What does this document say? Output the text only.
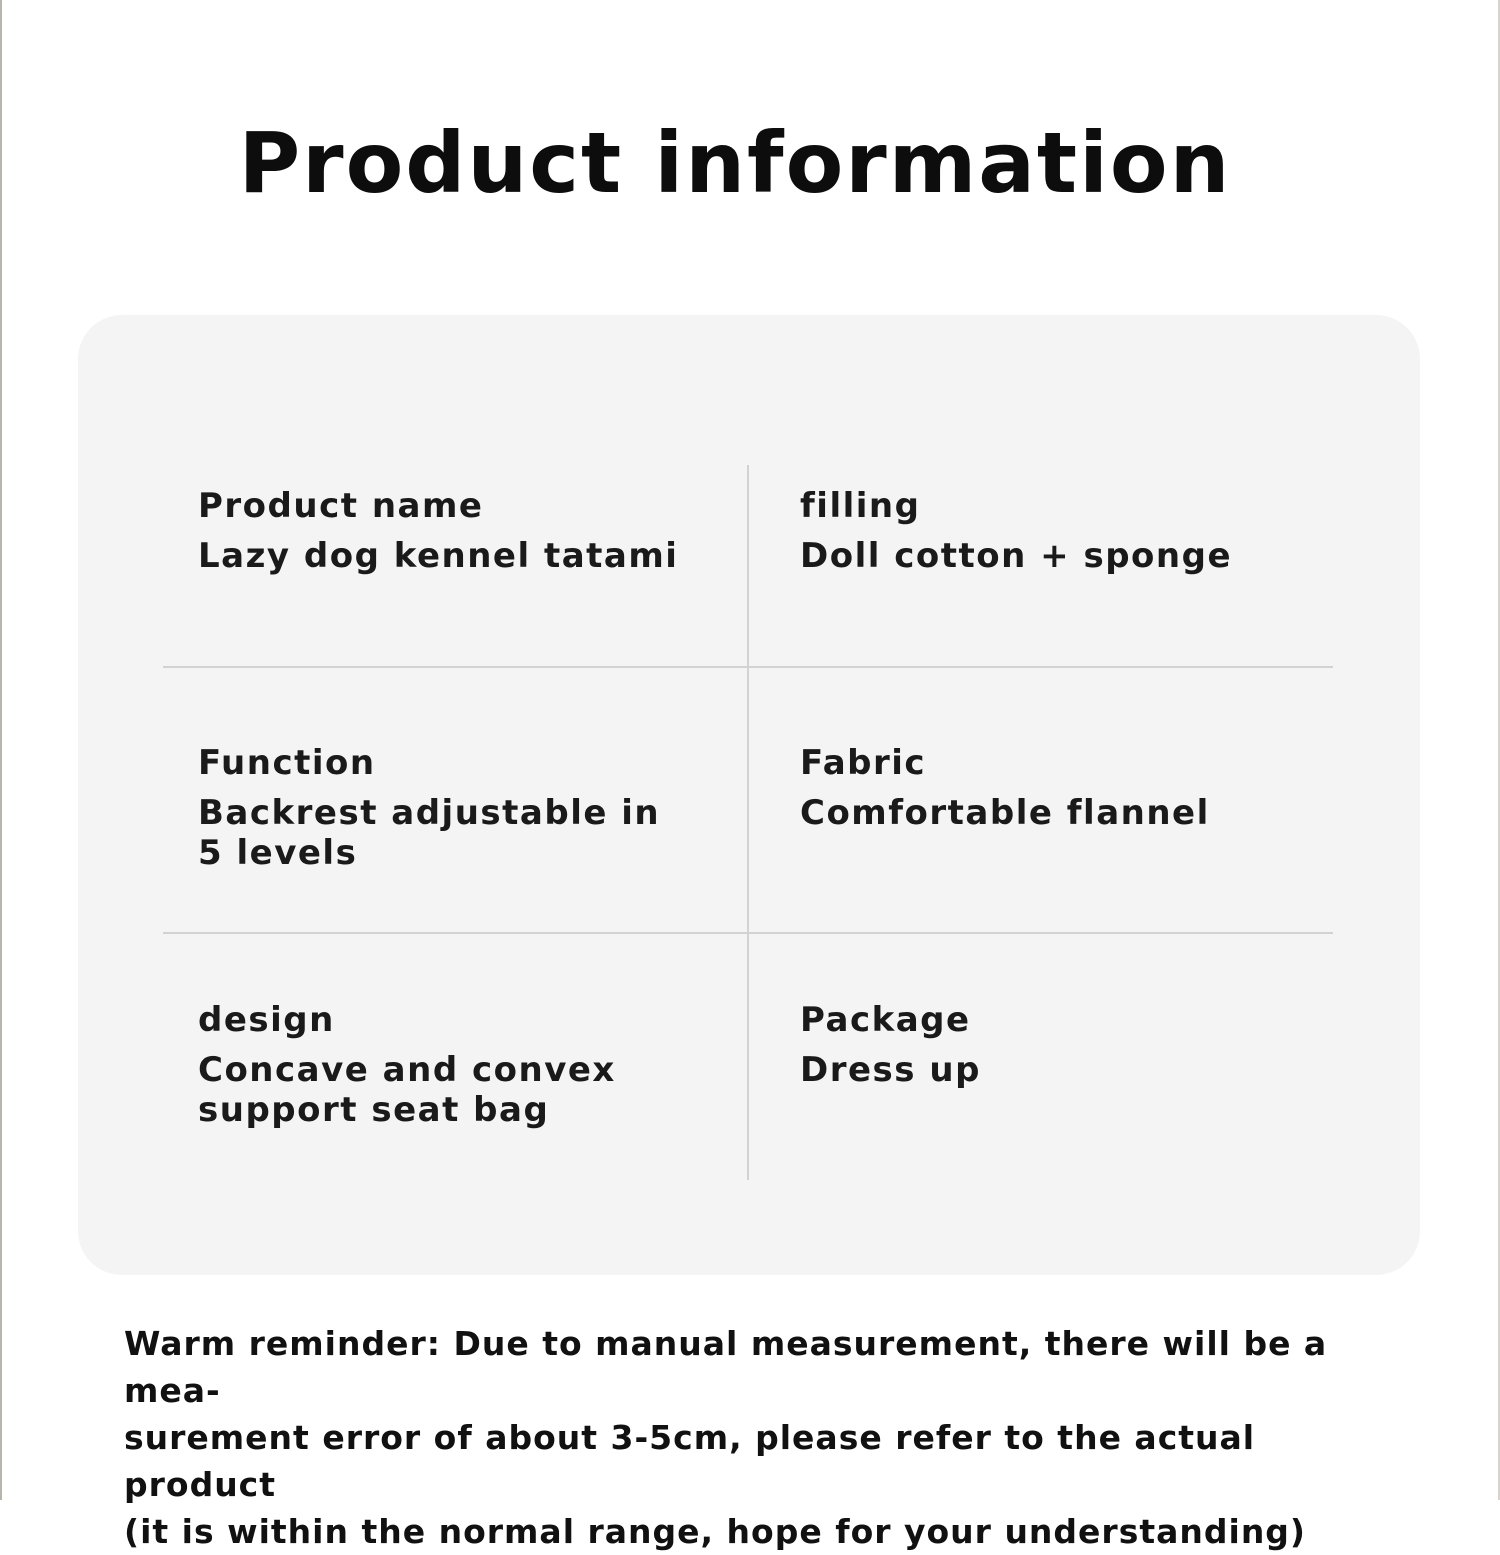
Product information
Product name
Lazy dog kennel tatami
filling
Doll cotton + sponge
Function
Backrest adjustable in 5 levels
Fabric
Comfortable flannel
design
Concave and convex support seat bag
Package
Dress up
Warm reminder: Due to manual measurement, there will be a mea-
surement error of about 3-5cm, please refer to the actual product
(it is within the normal range, hope for your understanding)
